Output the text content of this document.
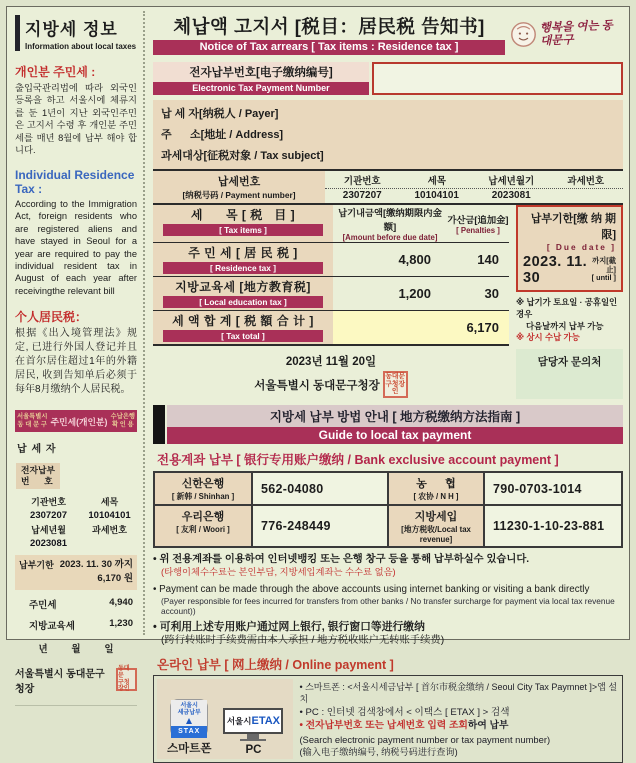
지방세 정보
Information about local taxes
개인분 주민세 :
출입국관리법에 따라 외국인 등록을 하고 서울시에 체류지를 둔 1년이 지난 외국인주민은 고지서 수령 후 개인분 주민세를 매년 8월에 납부 해야 합니다.
Individual Residence Tax :
According to the Immigration Act, foreign residents who are registered aliens and have stayed in Seoul for a year are required to pay the individual resident tax in August of each year after receivingthe relevant bill
个人居民税：
根据《出入境管理法》规定, 已进行外国人登记并且在首尔居住超过1年的外籍居民, 收到告知单后必须于每年8月缴纳个人居民税。
서울특별시
동 대 문 구 주민세(개인분) 수납은행
확 인 용
납 세 자
전자납부
번      호
기관번호	세목
2307207	10104101
납세년월	과세번호
2023081
납부기한 2023. 11. 30 까지
6,170 원
주민세	4,940
지방교육세	1,230
년         월         일
서울특별시 동대문구청장
동대문
구청장인
체납액 고지서 [税目：居民税 告知书]
Notice of Tax arrears [ Tax items : Residence tax ]
행복을 여는 동대문구
전자납부번호[电子缴纳编号]
Electronic Tax Payment Number
납 세 자[纳税人 / Payer]
주      소[地址 / Address]
과세대상[征税对象 / Tax subject]
납세번호
[纳税号码 / Payment number]
기관번호	세목	납세년월기	과세번호
2307207	10104101	2023081
세      목 [ 税   目 ]
[ Tax items ]
납기내금액[缴纳期限内金额]
[Amount before due date]
가산금[追加金]
[ Penalties ]
주 민 세 [ 居 民 税 ]
[ Residence tax ]
4,800	140
지방교육세 [地方教育税]
[ Local education tax ]
1,200	30
세 액 합 계 [ 税 額 合 计 ]
[ Tax total ]
6,170
2023년 11월 20일
서울특별시 동대문구청장
동대문
구청장인
납부기한[缴 纳 期 限]
[ Due date ]
2023. 11. 30
까지[截止]
[ until ]
※ 납기가 토요일 · 공휴일인 경우
다음날까지 납부 가능
※ 상시 수납 가능
담당자 문의처
지방세 납부 방법 안내 [ 地方税缴纳方法指南 ]
Guide to local tax payment
전용계좌 납부 [ 银行专用账户缴纳 / Bank exclusive account payment ]
신한은행
[ 新韩 / Shinhan ]
562-04080	농      협
[ 农协 / N H ]
790-0703-1014
우리은행
[ 友利 / Woori ]	776-248449
지방세입
[地方税收/Local tax revenue]
11230-1-10-23-881
• 위 전용계좌를 이용하여 인터넷뱅킹 또는 은행 창구 등을 통해 납부하실수 있습니다.
(타행이체수수료는 본인부담, 지방세입계좌는 수수료 없음)
• Payment can be made through the above accounts using internet banking or visiting a bank directly
(Payer responsible for fees incurred for transfers from other banks / No transfer surcharge for payment via local tax revenue account))
• 可利用上述专用账户通过网上银行, 银行窗口等进行缴纳
(跨行转账时手续费需由本人承担 / 地方税收账户无转账手续费)
온라인 납부 [ 网上缴纳 / Online payment ]
서울시
세금납부
STAX
스마트폰
서울시 ETAX
PC
• 스마트폰 : <서울시세금납부 [ 首尔市税金缴纳 / Seoul City Tax Paymnet ]>앱 설치
• PC : 인터넷 검색창에서 < 이택스 [ ETAX ] > 검색
• 전자납부번호 또는 납세번호 입력 조회하여 납부
(Search electronic payment number or tax payment number)
(输入电子缴纳编号, 纳税号码进行查询)
